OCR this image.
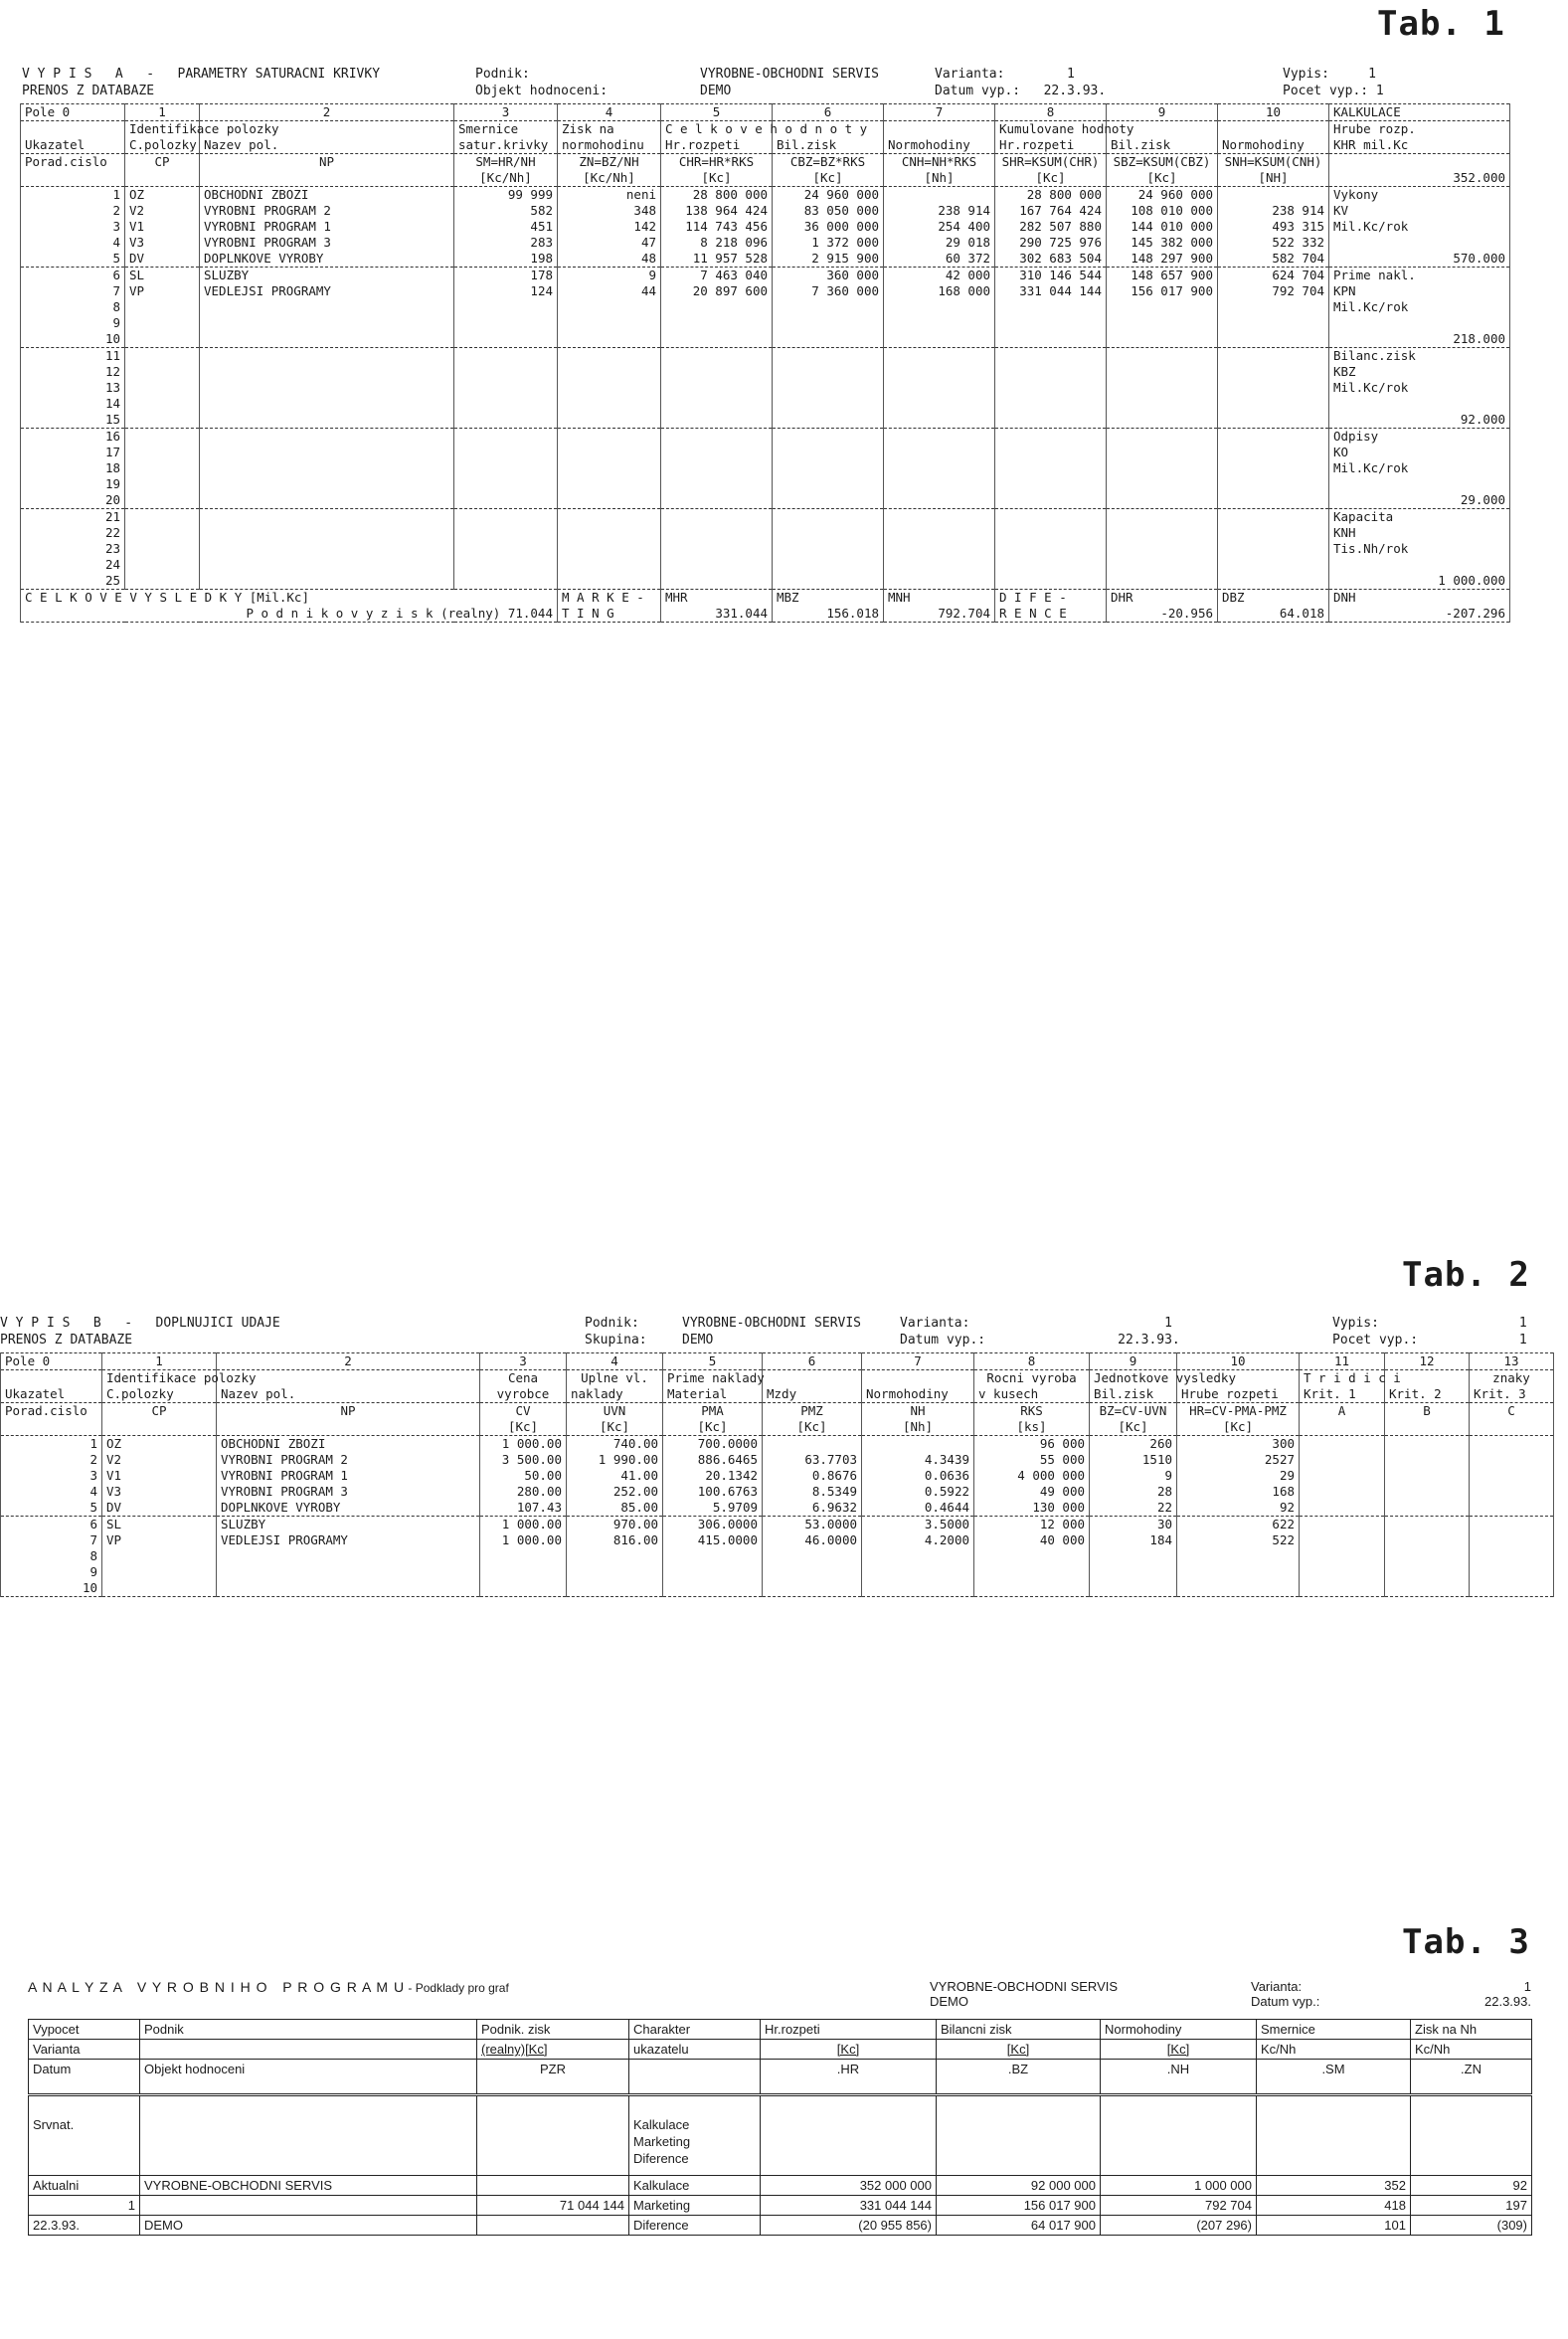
Tab. 1
V Y P I S   A   -   PARAMETRY SATURACNI KRIVKY
PRENOS Z DATABAZE
Podnik:
Objekt hodnoceni:
VYROBNE-OBCHODNI SERVIS
DEMO
Varianta:        1
Datum vyp.:   22.3.93.
Vypis:     1
Pocet vyp.: 1
Pole 0	1	2	3	4	5	6	7	8	9	10	KALKULACE
	Identifikace polozky		Smernice	Zisk na	C e l k o v e h o d n o t y			Kumulovane hodnoty			Hrube rozp.
Ukazatel	C.polozky	Nazev pol.	satur.krivky	normohodinu	Hr.rozpeti	Bil.zisk	Normohodiny	Hr.rozpeti	Bil.zisk	Normohodiny	KHR mil.Kc
Porad.cislo	CP	NP	SM=HR/NH	ZN=BZ/NH	CHR=HR*RKS	CBZ=BZ*RKS	CNH=NH*RKS	SHR=KSUM(CHR)	SBZ=KSUM(CBZ)	SNH=KSUM(CNH)	
			[Kc/Nh]	[Kc/Nh]	[Kc]	[Kc]	[Nh]	[Kc]	[Kc]	[NH]	352.000
1	OZ	OBCHODNI ZBOZI	99 999	neni	28 800 000	24 960 000		28 800 000	24 960 000		Vykony
2	V2	VYROBNI PROGRAM 2	582	348	138 964 424	83 050 000	238 914	167 764 424	108 010 000	238 914	KV
3	V1	VYROBNI PROGRAM 1	451	142	114 743 456	36 000 000	254 400	282 507 880	144 010 000	493 315	Mil.Kc/rok
4	V3	VYROBNI PROGRAM 3	283	47	8 218 096	1 372 000	29 018	290 725 976	145 382 000	522 332	
5	DV	DOPLNKOVE VYROBY	198	48	11 957 528	2 915 900	60 372	302 683 504	148 297 900	582 704	570.000
6	SL	SLUZBY	178	9	7 463 040	360 000	42 000	310 146 544	148 657 900	624 704	Prime nakl.
7	VP	VEDLEJSI PROGRAMY	124	44	20 897 600	7 360 000	168 000	331 044 144	156 017 900	792 704	KPN
8											Mil.Kc/rok
9											
10											218.000
11											Bilanc.zisk
12											KBZ
13											Mil.Kc/rok
14											
15											92.000
16											Odpisy
17											KO
18											Mil.Kc/rok
19											
20											29.000
21											Kapacita
22											KNH
23											Tis.Nh/rok
24											
25											1 000.000
C E L K O V E V Y S L E D K Y [Mil.Kc]				M A R K E -	MHR	MBZ	MNH	D I F E -	DHR	DBZ	DNH
P o d n i k o v y z i s k (realny) 71.044				T I N G	331.044	156.018	792.704	R E N C E	-20.956	64.018	-207.296
Tab. 2
V Y P I S   B   -   DOPLNUJICI UDAJE
PRENOS Z DATABAZE
Podnik:
Skupina:
VYROBNE-OBCHODNI SERVIS
DEMO
Varianta:                         1
Datum vyp.:                 22.3.93.
Vypis:                  1
Pocet vyp.:             1
Pole 0	1	2	3	4	5	6	7	8	9	10	11	12	13
	Identifikace polozky		Cena	Uplne vl.	Prime naklady			Rocni vyroba	Jednotkove vysledky		T r i d i c i		znaky
Ukazatel	C.polozky	Nazev pol.	vyrobce	naklady	Material	Mzdy	Normohodiny	v kusech	Bil.zisk	Hrube rozpeti	Krit. 1	Krit. 2	Krit. 3
Porad.cislo	CP	NP	CV	UVN	PMA	PMZ	NH	RKS	BZ=CV-UVN	HR=CV-PMA-PMZ	A	B	C
			[Kc]	[Kc]	[Kc]	[Kc]	[Nh]	[ks]	[Kc]	[Kc]			
1	OZ	OBCHODNI ZBOZI	1 000.00	740.00	700.0000			96 000	260	300			
2	V2	VYROBNI PROGRAM 2	3 500.00	1 990.00	886.6465	63.7703	4.3439	55 000	1510	2527			
3	V1	VYROBNI PROGRAM 1	50.00	41.00	20.1342	0.8676	0.0636	4 000 000	9	29			
4	V3	VYROBNI PROGRAM 3	280.00	252.00	100.6763	8.5349	0.5922	49 000	28	168			
5	DV	DOPLNKOVE VYROBY	107.43	85.00	5.9709	6.9632	0.4644	130 000	22	92			
6	SL	SLUZBY	1 000.00	970.00	306.0000	53.0000	3.5000	12 000	30	622			
7	VP	VEDLEJSI PROGRAMY	1 000.00	816.00	415.0000	46.0000	4.2000	40 000	184	522			
8													
9													
10													
Tab. 3
A N A L Y Z A   V Y R O B N I H O   P R O G R A M U - Podklady pro graf	VYROBNE-OBCHODNI SERVIS
DEMO
Varianta:
Datum vyp.:
1
22.3.93.
Vypocet	Podnik	Podnik. zisk	Charakter	Hr.rozpeti	Bilancni zisk	Normohodiny	Smernice	Zisk na Nh
Varianta		(realny)[Kc]	ukazatelu	[Kc]	[Kc]	[Kc]	Kc/Nh	Kc/Nh
Datum	Objekt hodnoceni	PZR		.HR	.BZ	.NH	.SM	.ZN
Srvnat.			Kalkulace
Marketing
Diference					
Aktualni	VYROBNE-OBCHODNI SERVIS		Kalkulace	352 000 000	92 000 000	1 000 000	352	92
1		71 044 144	Marketing	331 044 144	156 017 900	792 704	418	197
22.3.93.	DEMO		Diference	(20 955 856)	64 017 900	(207 296)	101	(309)
